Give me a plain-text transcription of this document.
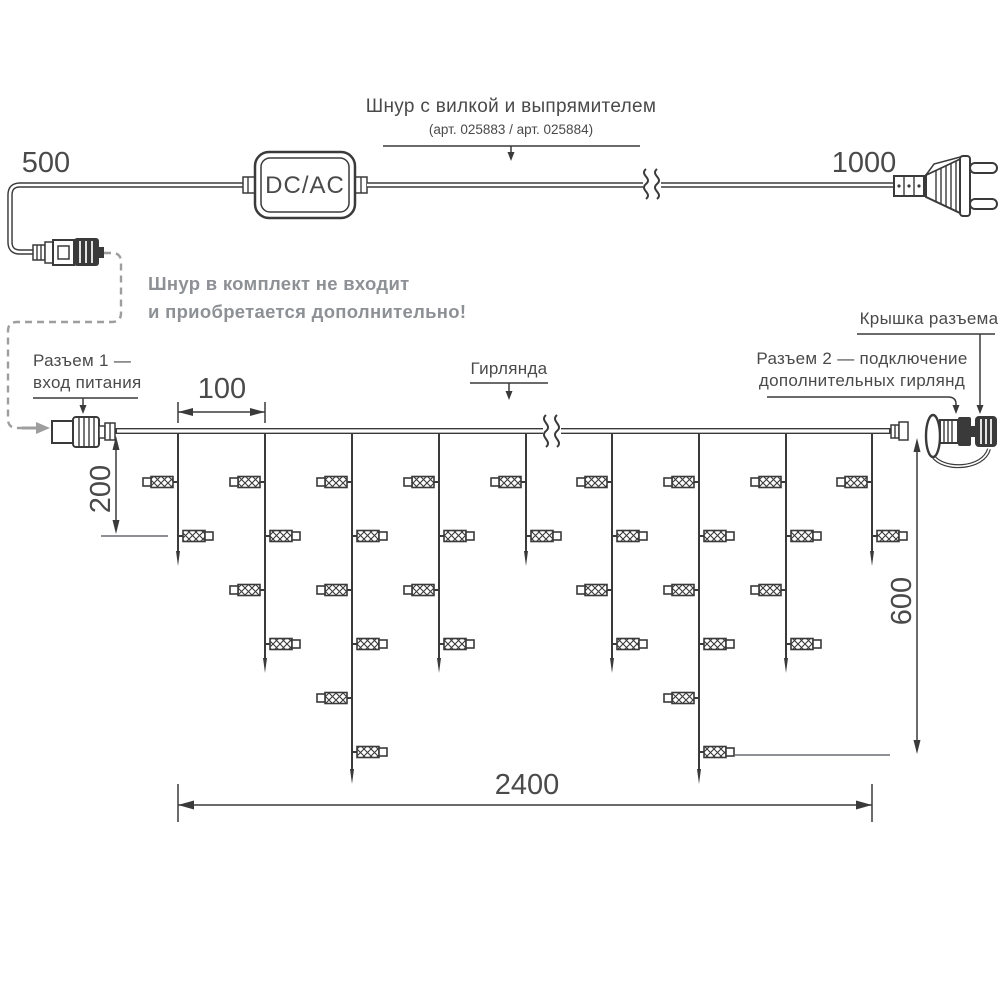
DC/AC
500	1000
Шнур с вилкой и выпрямителем
(арт. 025883 / арт. 025884)
Шнур в комплект не входит
и приобретается дополнительно!
Разъем 1 —
вход питания
Гирлянда
Разъем 2 — подключение
дополнительных гирлянд
Крышка разъема
100
200
600
2400
